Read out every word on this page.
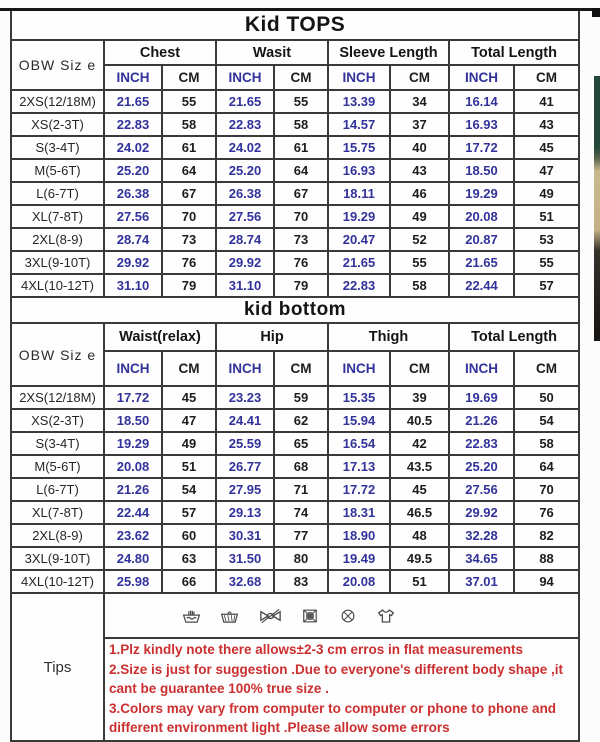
Kid TOPS								
OBW Siz e	Chest		Wasit		Sleeve Length		Total Length	
	INCH	CM	INCH	CM	INCH	CM	INCH	CM
2XS(12/18M)	21.65	55	21.65	55	13.39	34	16.14	41
XS(2-3T)	22.83	58	22.83	58	14.57	37	16.93	43
S(3-4T)	24.02	61	24.02	61	15.75	40	17.72	45
M(5-6T)	25.20	64	25.20	64	16.93	43	18.50	47
L(6-7T)	26.38	67	26.38	67	18.11	46	19.29	49
XL(7-8T)	27.56	70	27.56	70	19.29	49	20.08	51
2XL(8-9)	28.74	73	28.74	73	20.47	52	20.87	53
3XL(9-10T)	29.92	76	29.92	76	21.65	55	21.65	55
4XL(10-12T)	31.10	79	31.10	79	22.83	58	22.44	57
kid bottom								
OBW Siz e	Waist(relax)		Hip		Thigh		Total Length	
	INCH	CM	INCH	CM	INCH	CM	INCH	CM
2XS(12/18M)	17.72	45	23.23	59	15.35	39	19.69	50
XS(2-3T)	18.50	47	24.41	62	15.94	40.5	21.26	54
S(3-4T)	19.29	49	25.59	65	16.54	42	22.83	58
M(5-6T)	20.08	51	26.77	68	17.13	43.5	25.20	64
L(6-7T)	21.26	54	27.95	71	17.72	45	27.56	70
XL(7-8T)	22.44	57	29.13	74	18.31	46.5	29.92	76
2XL(8-9)	23.62	60	30.31	77	18.90	48	32.28	82
3XL(9-10T)	24.80	63	31.50	80	19.49	49.5	34.65	88
4XL(10-12T)	25.98	66	32.68	83	20.08	51	37.01	94
Tips	

	1.Plz kindly note there allows±2-3 cm erros in flat measurements

2.Size is just for suggestion .Due to everyone's different body shape ,it cant be guarantee 100% true size .

3.Colors may vary from computer to computer or phone to phone and different environment light .Please allow some errors							
